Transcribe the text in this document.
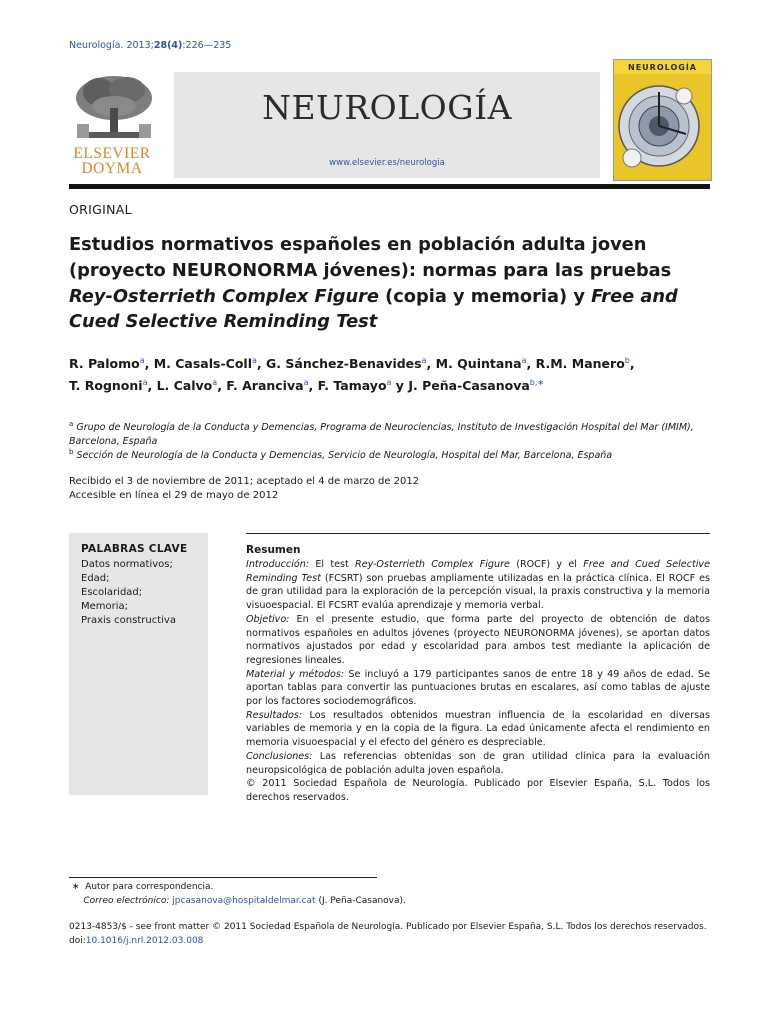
Neurología. 2013;28(4):226—235
ELSEVIER
DOYMA
NEUROLOGÍA
www.elsevier.es/neurologia
NEUROLOGÍA
ORIGINAL
Estudios normativos españoles en población adulta joven (proyecto NEURONORMA jóvenes): normas para las pruebas Rey-Osterrieth Complex Figure (copia y memoria) y Free and Cued Selective Reminding Test
R. Palomo$^a$, M. Casals-Coll$^a$, G. Sánchez-Benavides$^a$, M. Quintana$^a$, R.M. Manero$^b$,
T. Rognoni$^a$, L. Calvo$^a$, F. Aranciva$^a$, F. Tamayo$^a$ y J. Peña-Casanova$^{b,∗}$
$^a$ Grupo de Neurología de la Conducta y Demencias, Programa de Neurociencias, Instituto de Investigación Hospital del Mar (IMIM), Barcelona, España
$^b$ Sección de Neurología de la Conducta y Demencias, Servicio de Neurología, Hospital del Mar, Barcelona, España
Recibido el 3 de noviembre de 2011; aceptado el 4 de marzo de 2012
Accesible en línea el 29 de mayo de 2012
PALABRAS CLAVE
Datos normativos;
Edad;
Escolaridad;
Memoria;
Praxis constructiva
Resumen

Introducción: El test Rey-Osterrieth Complex Figure (ROCF) y el Free and Cued Selective Reminding Test (FCSRT) son pruebas ampliamente utilizadas en la práctica clínica. El ROCF es de gran utilidad para la exploración de la percepción visual, la praxis constructiva y la memoria visuoespacial. El FCSRT evalúa aprendizaje y memoria verbal.

Objetivo: En el presente estudio, que forma parte del proyecto de obtención de datos normativos españoles en adultos jóvenes (proyecto NEURONORMA jóvenes), se aportan datos normativos ajustados por edad y escolaridad para ambos test mediante la aplicación de regresiones lineales.

Material y métodos: Se incluyó a 179 participantes sanos de entre 18 y 49 años de edad. Se aportan tablas para convertir las puntuaciones brutas en escalares, así como tablas de ajuste por los factores sociodemográficos.

Resultados: Los resultados obtenidos muestran influencia de la escolaridad en diversas variables de memoria y en la copia de la figura. La edad únicamente afecta el rendimiento en memoria visuoespacial y el efecto del género es despreciable.

Conclusiones: Las referencias obtenidas son de gran utilidad clínica para la evaluación neuropsicológica de población adulta joven española.

© 2011 Sociedad Española de Neurología. Publicado por Elsevier España, S.L. Todos los derechos reservados.

∗ Autor para correspondencia.
Correo electrónico: jpcasanova@hospitaldelmar.cat (J. Peña-Casanova).
0213-4853/$ - see front matter © 2011 Sociedad Española de Neurología. Publicado por Elsevier España, S.L. Todos los derechos reservados.
doi:10.1016/j.nrl.2012.03.008
